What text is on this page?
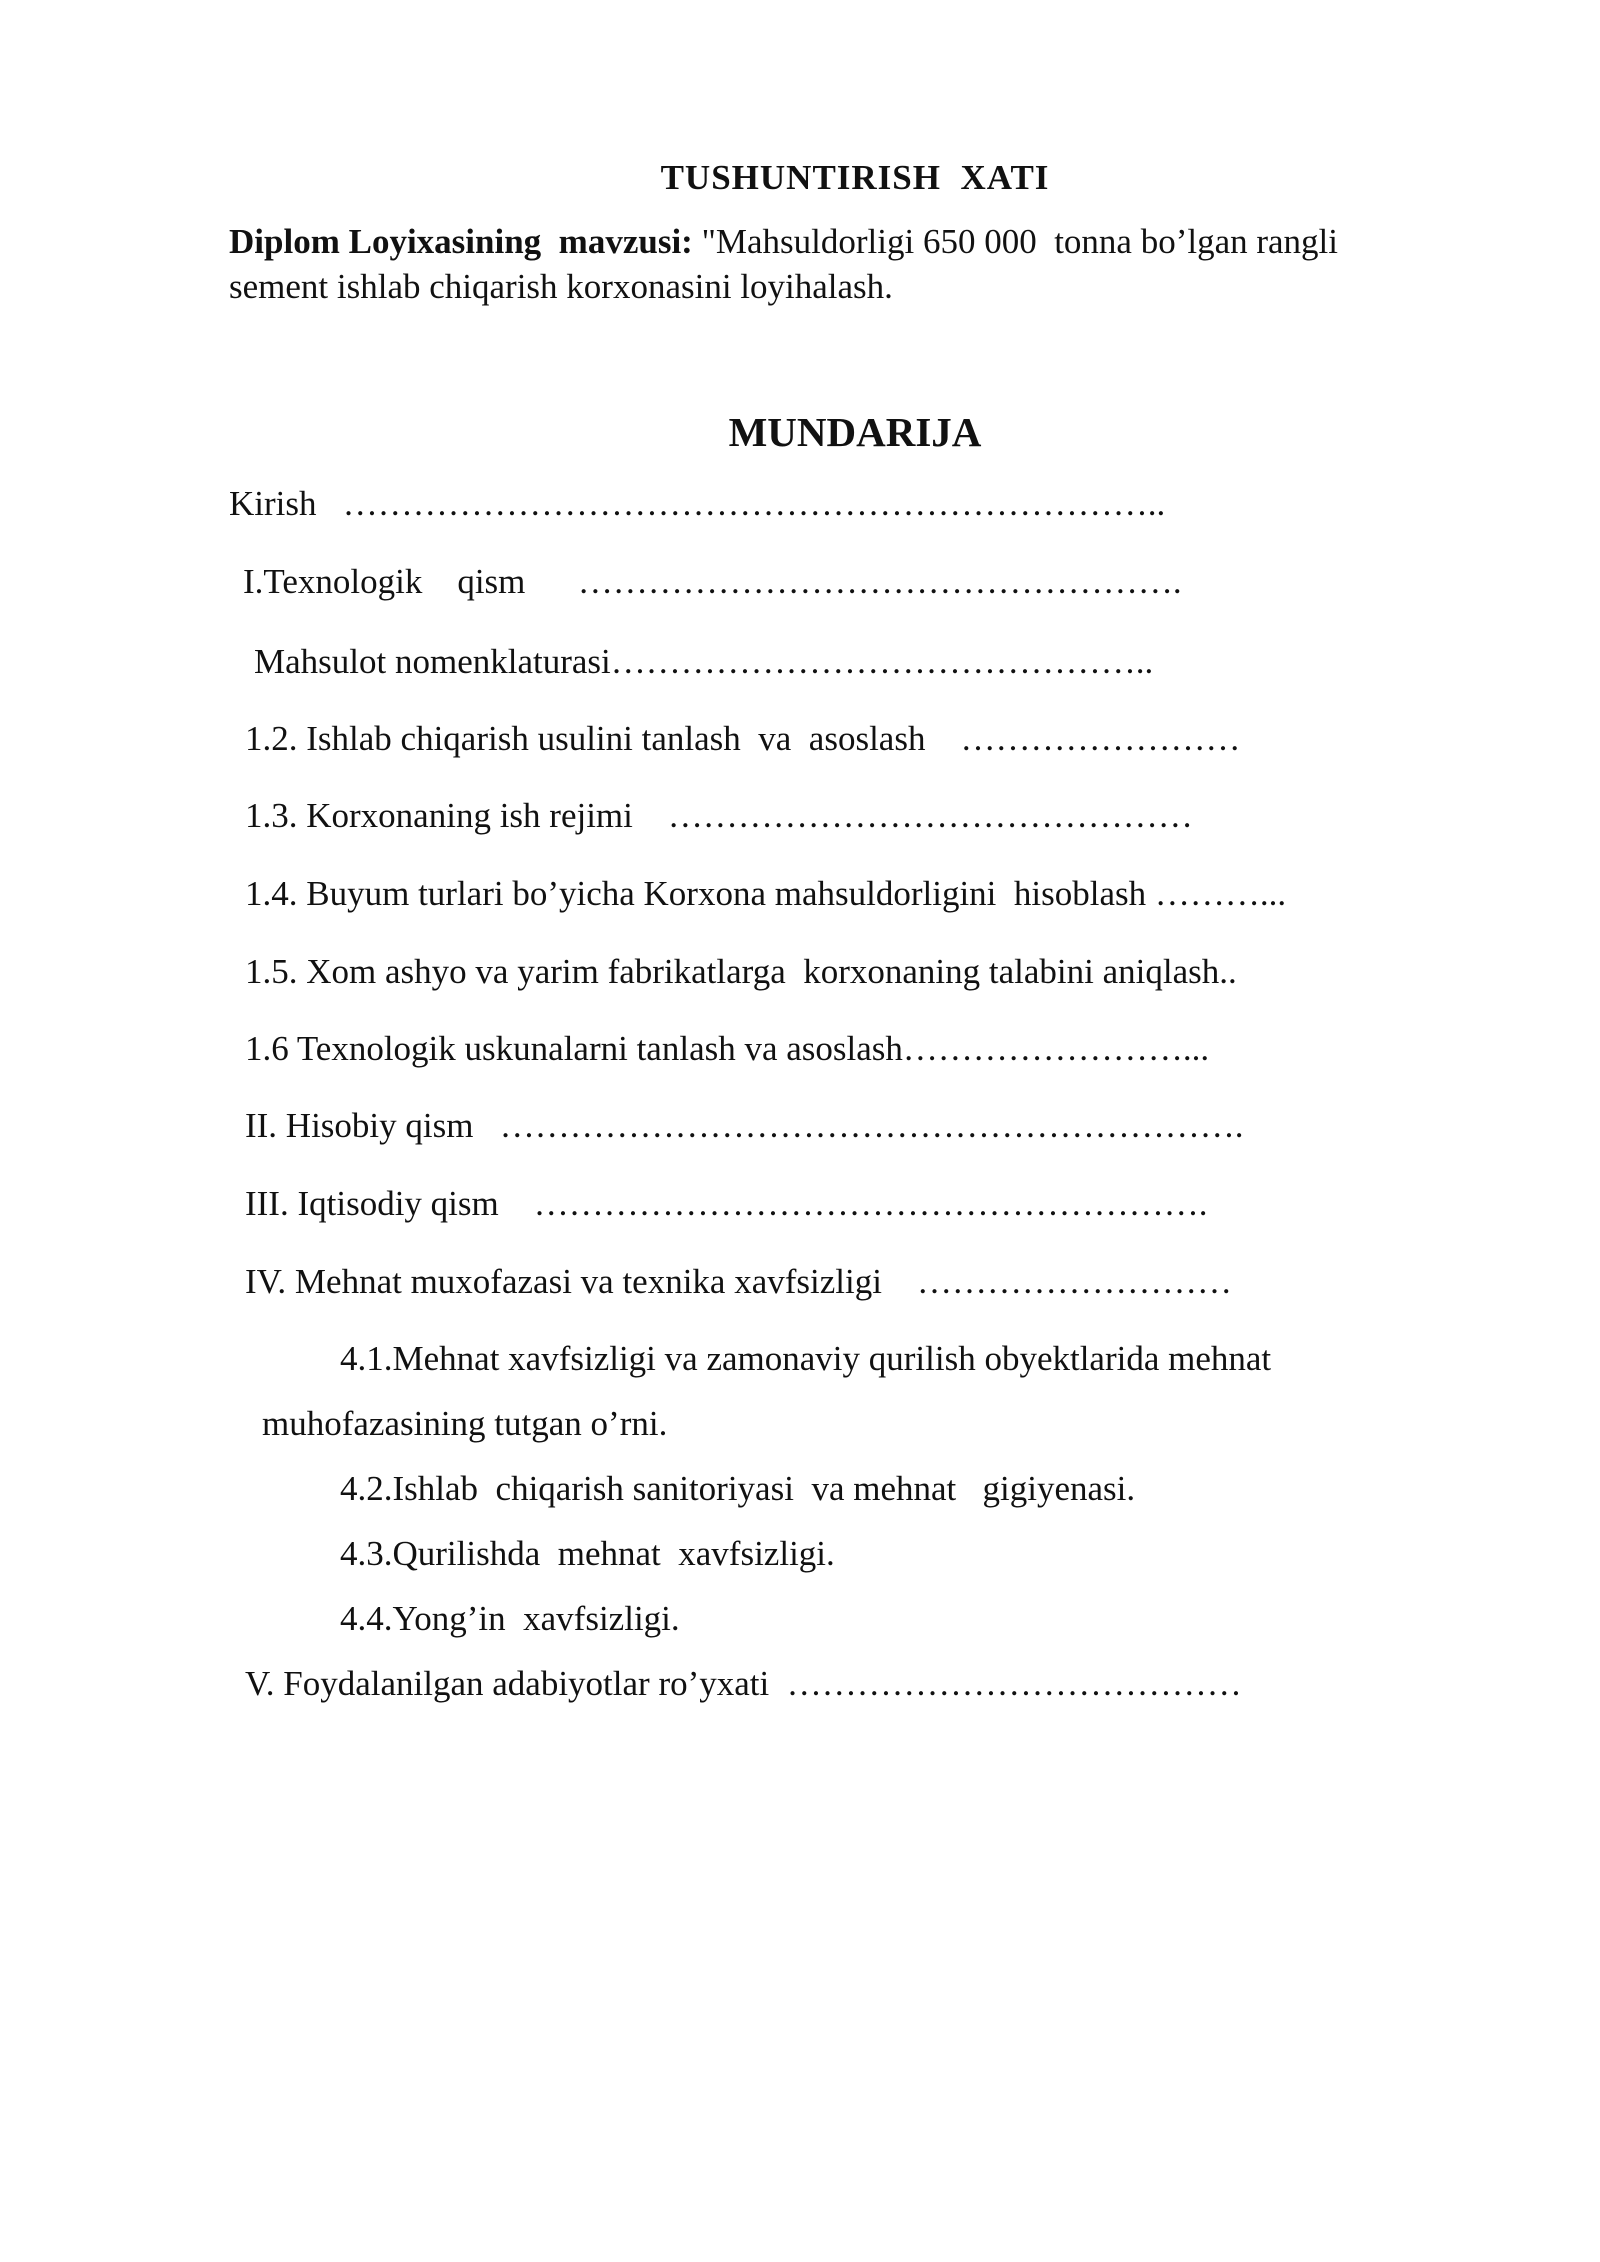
TUSHUNTIRISH  XATI
Diplom Loyixasining  mavzusi: "Mahsuldorligi 650 000  tonna bo’lgan rangli
sement ishlab chiqarish korxonasini loyihalash.
MUNDARIJA
Kirish   ……………………………………………………………..
I.Texnologik    qism      …………………………………………….
Mahsulot nomenklaturasi………………………………………..
1.2. Ishlab chiqarish usulini tanlash  va  asoslash    ……………………
1.3. Korxonaning ish rejimi    ………………………………………
1.4. Buyum turlari bo’yicha Korxona mahsuldorligini  hisoblash ………...
1.5. Xom ashyo va yarim fabrikatlarga  korxonaning talabini aniqlash..
1.6 Texnologik uskunalarni tanlash va asoslash……………………...
II. Hisobiy qism   ……………………………………………………….
III. Iqtisodiy qism    ………………………………………………….
IV. Mehnat muxofazasi va texnika xavfsizligi    ………………………
4.1.Mehnat xavfsizligi va zamonaviy qurilish obyektlarida mehnat
muhofazasining tutgan o’rni.
4.2.Ishlab  chiqarish sanitoriyasi  va mehnat   gigiyenasi.
4.3.Qurilishda  mehnat  xavfsizligi.
4.4.Yong’in  xavfsizligi.
V. Foydalanilgan adabiyotlar ro’yxati  …………………………………
